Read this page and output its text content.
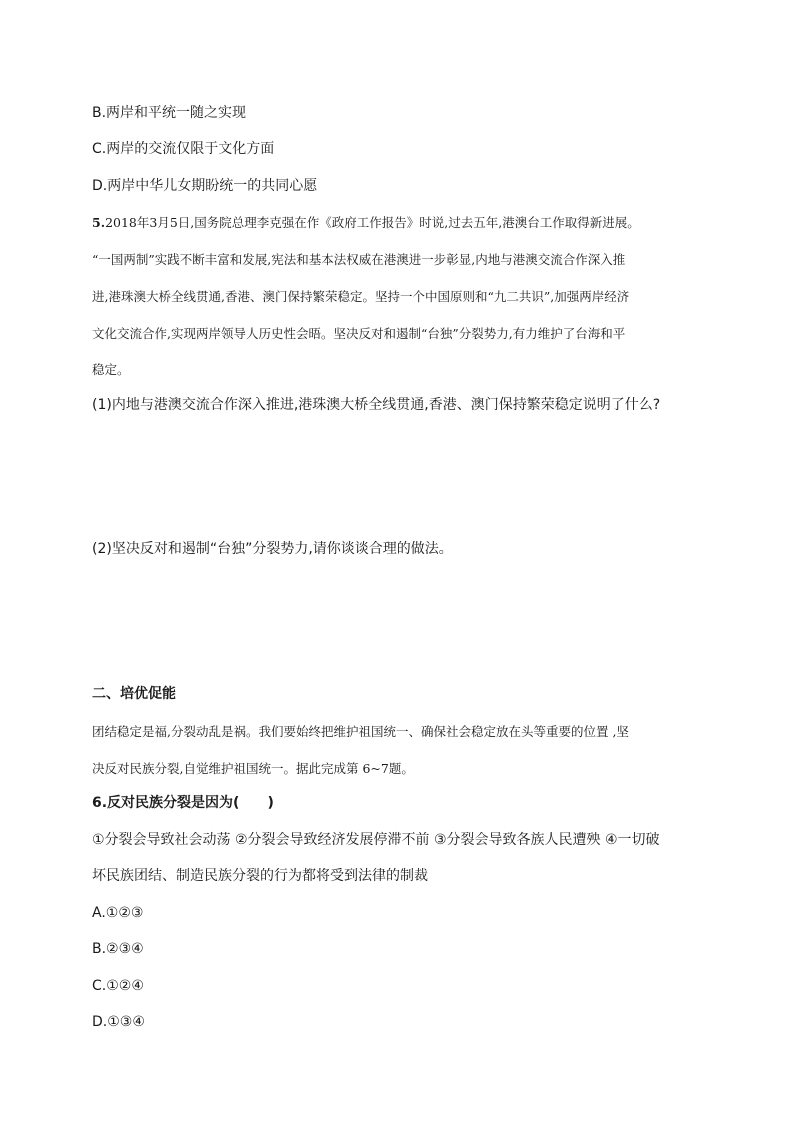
B.两岸和平统一随之实现
C.两岸的交流仅限于文化方面
D.两岸中华儿女期盼统一的共同心愿
5.2018年3月5日,国务院总理李克强在作《政府工作报告》时说,过去五年,港澳台工作取得新进展。
“一国两制”实践不断丰富和发展,宪法和基本法权威在港澳进一步彰显,内地与港澳交流合作深入推
进,港珠澳大桥全线贯通,香港、澳门保持繁荣稳定。坚持一个中国原则和“九二共识”,加强两岸经济
文化交流合作,实现两岸领导人历史性会晤。坚决反对和遏制“台独”分裂势力,有力维护了台海和平
稳定。
(1)内地与港澳交流合作深入推进,港珠澳大桥全线贯通,香港、澳门保持繁荣稳定说明了什么?
(2)坚决反对和遏制“台独”分裂势力,请你谈谈合理的做法。
二、培优促能
团结稳定是福,分裂动乱是祸。我们要始终把维护祖国统一、确保社会稳定放在头等重要的位置 ,坚
决反对民族分裂,自觉维护祖国统一。据此完成第 6~7题。
6.反对民族分裂是因为(　　)
①分裂会导致社会动荡 ②分裂会导致经济发展停滞不前 ③分裂会导致各族人民遭殃 ④一切破
坏民族团结、制造民族分裂的行为都将受到法律的制裁
A.①②③
B.②③④
C.①②④
D.①③④
